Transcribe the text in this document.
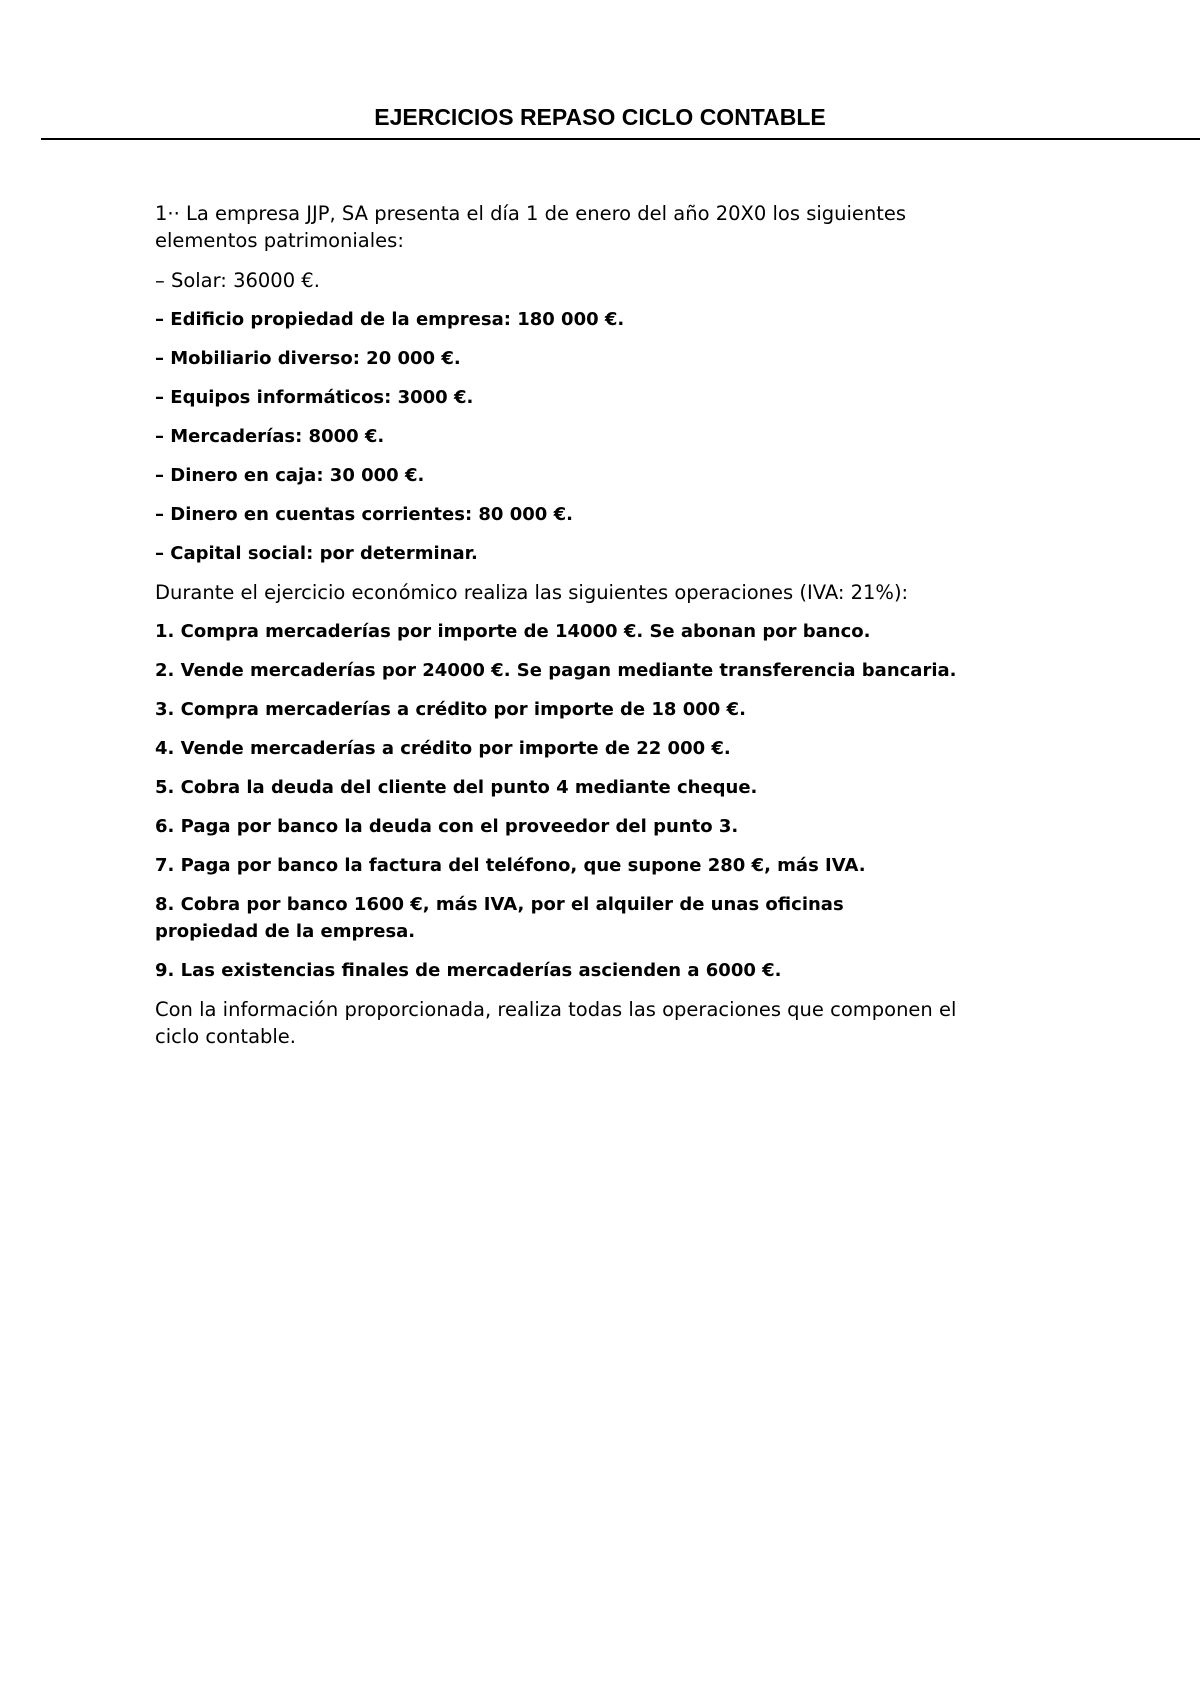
EJERCICIOS REPASO CICLO CONTABLE

1·· La empresa JJP, SA presenta el día 1 de enero del año 20X0 los siguientes

elementos patrimoniales:

– Solar: 36000 €.

– Edificio propiedad de la empresa: 180 000 €.

– Mobiliario diverso: 20 000 €.

– Equipos informáticos: 3000 €.

– Mercaderías: 8000 €.

– Dinero en caja: 30 000 €.

– Dinero en cuentas corrientes: 80 000 €.

– Capital social: por determinar.

Durante el ejercicio económico realiza las siguientes operaciones (IVA: 21%):

1. Compra mercaderías por importe de 14000 €. Se abonan por banco.

2. Vende mercaderías por 24000 €. Se pagan mediante transferencia bancaria.

3. Compra mercaderías a crédito por importe de 18 000 €.

4. Vende mercaderías a crédito por importe de 22 000 €.

5. Cobra la deuda del cliente del punto 4 mediante cheque.

6. Paga por banco la deuda con el proveedor del punto 3.

7. Paga por banco la factura del teléfono, que supone 280 €, más IVA.

8. Cobra por banco 1600 €, más IVA, por el alquiler de unas oficinas

propiedad de la empresa.

9. Las existencias finales de mercaderías ascienden a 6000 €.

Con la información proporcionada, realiza todas las operaciones que componen el

ciclo contable.
